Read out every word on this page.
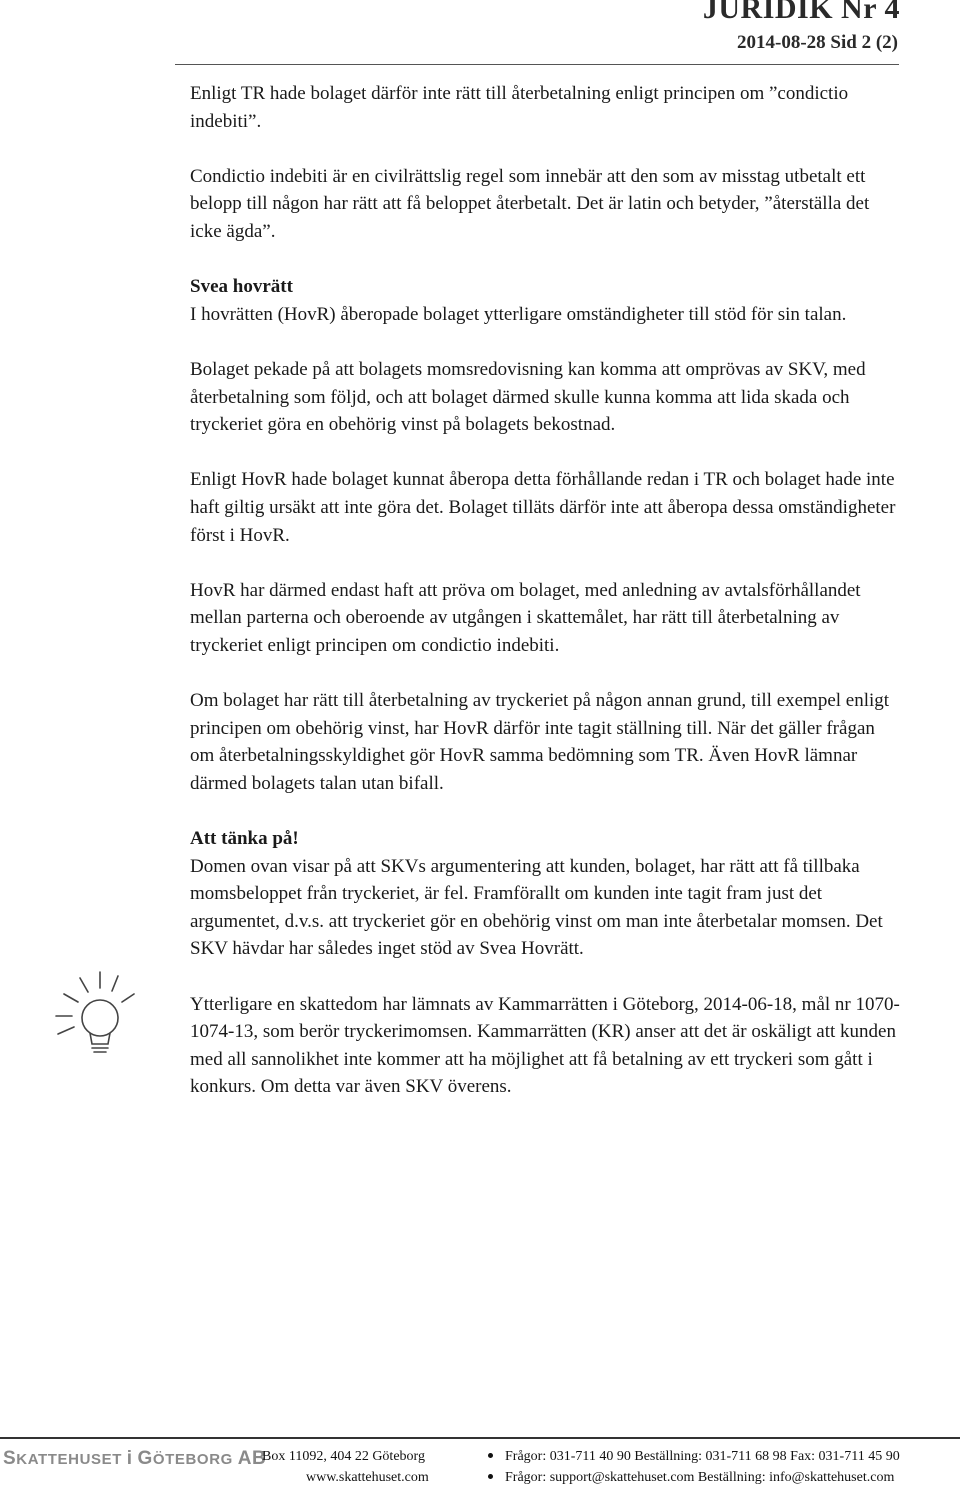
JURIDIK Nr 4
2014-08-28 Sid 2 (2)

Enligt TR hade bolaget därför inte rätt till återbetalning enligt principen om ”condictio indebiti”.

Condictio indebiti är en civilrättslig regel som innebär att den som av misstag utbetalt ett belopp till någon har rätt att få beloppet återbetalt. Det är latin och betyder, ”återställa det icke ägda”.

Svea hovrätt
I hovrätten (HovR) åberopade bolaget ytterligare omständigheter till stöd för sin talan.

Bolaget pekade på att bolagets momsredovisning kan komma att omprövas av SKV, med återbetalning som följd, och att bolaget därmed skulle kunna komma att lida skada och tryckeriet göra en obehörig vinst på bolagets bekostnad.

Enligt HovR hade bolaget kunnat åberopa detta förhållande redan i TR och bolaget hade inte haft giltig ursäkt att inte göra det. Bolaget tilläts därför inte att åberopa dessa omständigheter först i HovR.

HovR har därmed endast haft att pröva om bolaget, med anledning av avtalsförhållandet mellan parterna och oberoende av utgången i skattemålet, har rätt till återbetalning av tryckeriet enligt principen om condictio indebiti.

Om bolaget har rätt till återbetalning av tryckeriet på någon annan grund, till exempel enligt principen om obehörig vinst, har HovR därför inte tagit ställning till. När det gäller frågan om återbetalningsskyldighet gör HovR samma bedömning som TR. Även HovR lämnar därmed bolagets talan utan bifall.

Att tänka på!
Domen ovan visar på att SKVs argumentering att kunden, bolaget, har rätt att få tillbaka momsbeloppet från tryckeriet, är fel. Framförallt om kunden inte tagit fram just det argumentet, d.v.s. att tryckeriet gör en obehörig vinst om man inte återbetalar momsen. Det SKV hävdar har således inget stöd av Svea Hovrätt.

Ytterligare en skattedom har lämnats av Kammarrätten i Göteborg, 2014-06-18, mål nr 1070-1074-13, som berör tryckerimomsen. Kammarrätten (KR) anser att det är oskäligt att kunden med all sannolikhet inte kommer att ha möjlighet att få betalning av ett tryckeri som gått i konkurs. Om detta var även SKV överens.

SKATTEHUSET i GÖTEBORG AB
Box 11092, 404 22 Göteborg
www.skattehuset.com
Frågor: 031-711 40 90 Beställning: 031-711 68 98 Fax: 031-711 45 90
Frågor: support@skattehuset.com Beställning: info@skattehuset.com
